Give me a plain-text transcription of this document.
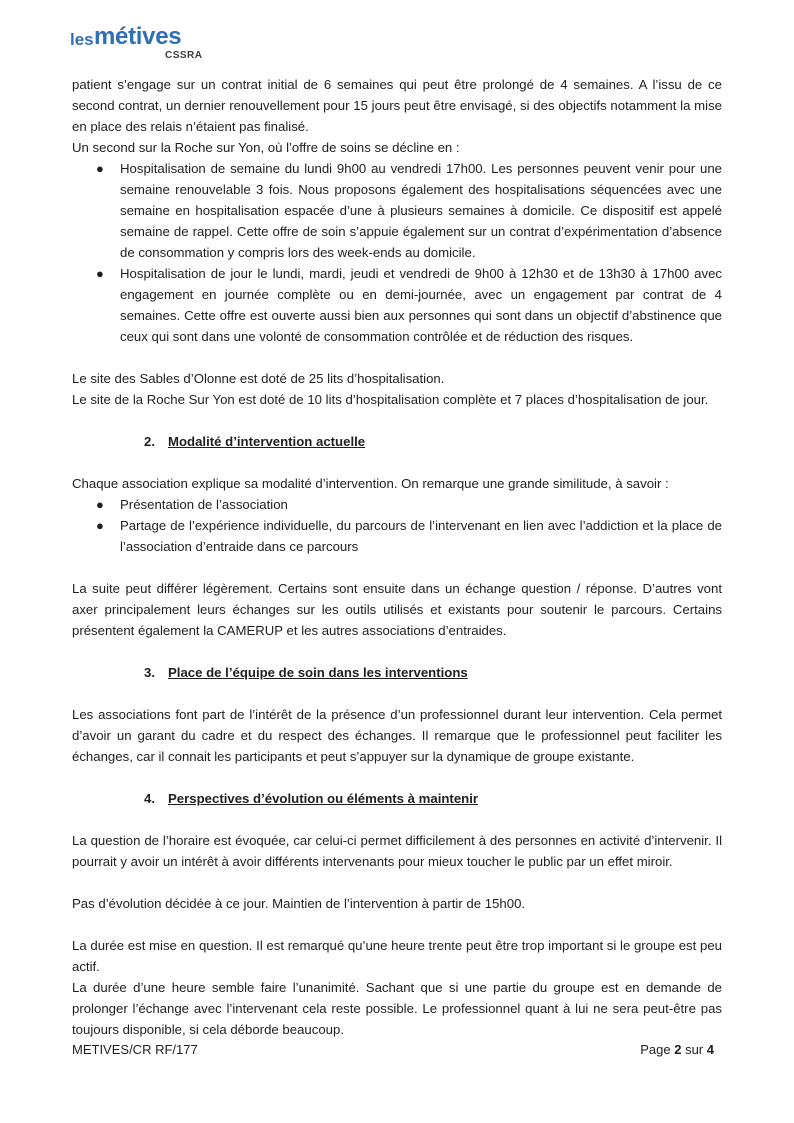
les métives
CSSRA

patient s’engage sur un contrat initial de 6 semaines qui peut être prolongé de 4 semaines. A l’issu de ce second contrat, un dernier renouvellement pour 15 jours peut être envisagé, si des objectifs notamment la mise en place des relais n’étaient pas finalisé.

Un second sur la Roche sur Yon, où l’offre de soins se décline en :

● Hospitalisation de semaine du lundi 9h00 au vendredi 17h00. Les personnes peuvent venir pour une semaine renouvelable 3 fois. Nous proposons également des hospitalisations séquencées avec une semaine en hospitalisation espacée d’une à plusieurs semaines à domicile. Ce dispositif est appelé semaine de rappel. Cette offre de soin s’appuie également sur un contrat d’expérimentation d’absence de consommation y compris lors des week-ends au domicile.
● Hospitalisation de jour le lundi, mardi, jeudi et vendredi de 9h00 à 12h30 et de 13h30 à 17h00 avec engagement en journée complète ou en demi-journée, avec un engagement par contrat de 4 semaines. Cette offre est ouverte aussi bien aux personnes qui sont dans un objectif d’abstinence que ceux qui sont dans une volonté de consommation contrôlée et de réduction des risques.

Le site des Sables d’Olonne est doté de 25 lits d’hospitalisation.

Le site de la Roche Sur Yon est doté de 10 lits d’hospitalisation complète et 7 places d’hospitalisation de jour.

2. Modalité d’intervention actuelle

Chaque association explique sa modalité d’intervention. On remarque une grande similitude, à savoir :

● Présentation de l’association
● Partage de l’expérience individuelle, du parcours de l’intervenant en lien avec l’addiction et la place de l’association d’entraide dans ce parcours

La suite peut différer légèrement. Certains sont ensuite dans un échange question / réponse. D’autres vont axer principalement leurs échanges sur les outils utilisés et existants pour soutenir le parcours. Certains présentent également la CAMERUP et les autres associations d’entraides.

3. Place de l’équipe de soin dans les interventions

Les associations font part de l’intérêt de la présence d’un professionnel durant leur intervention. Cela permet d’avoir un garant du cadre et du respect des échanges. Il remarque que le professionnel peut faciliter les échanges, car il connait les participants et peut s’appuyer sur la dynamique de groupe existante.

4. Perspectives d’évolution ou éléments à maintenir

La question de l’horaire est évoquée, car celui-ci permet difficilement à des personnes en activité d’intervenir. Il pourrait y avoir un intérêt à avoir différents intervenants pour mieux toucher le public par un effet miroir.

Pas d’évolution décidée à ce jour. Maintien de l’intervention à partir de 15h00.

La durée est mise en question. Il est remarqué qu’une heure trente peut être trop important si le groupe est peu actif.

La durée d’une heure semble faire l’unanimité. Sachant que si une partie du groupe est en demande de prolonger l’échange avec l’intervenant cela reste possible. Le professionnel quant à lui ne sera peut-être pas toujours disponible, si cela déborde beaucoup.

METIVES/CR RF/177	Page 2 sur 4
